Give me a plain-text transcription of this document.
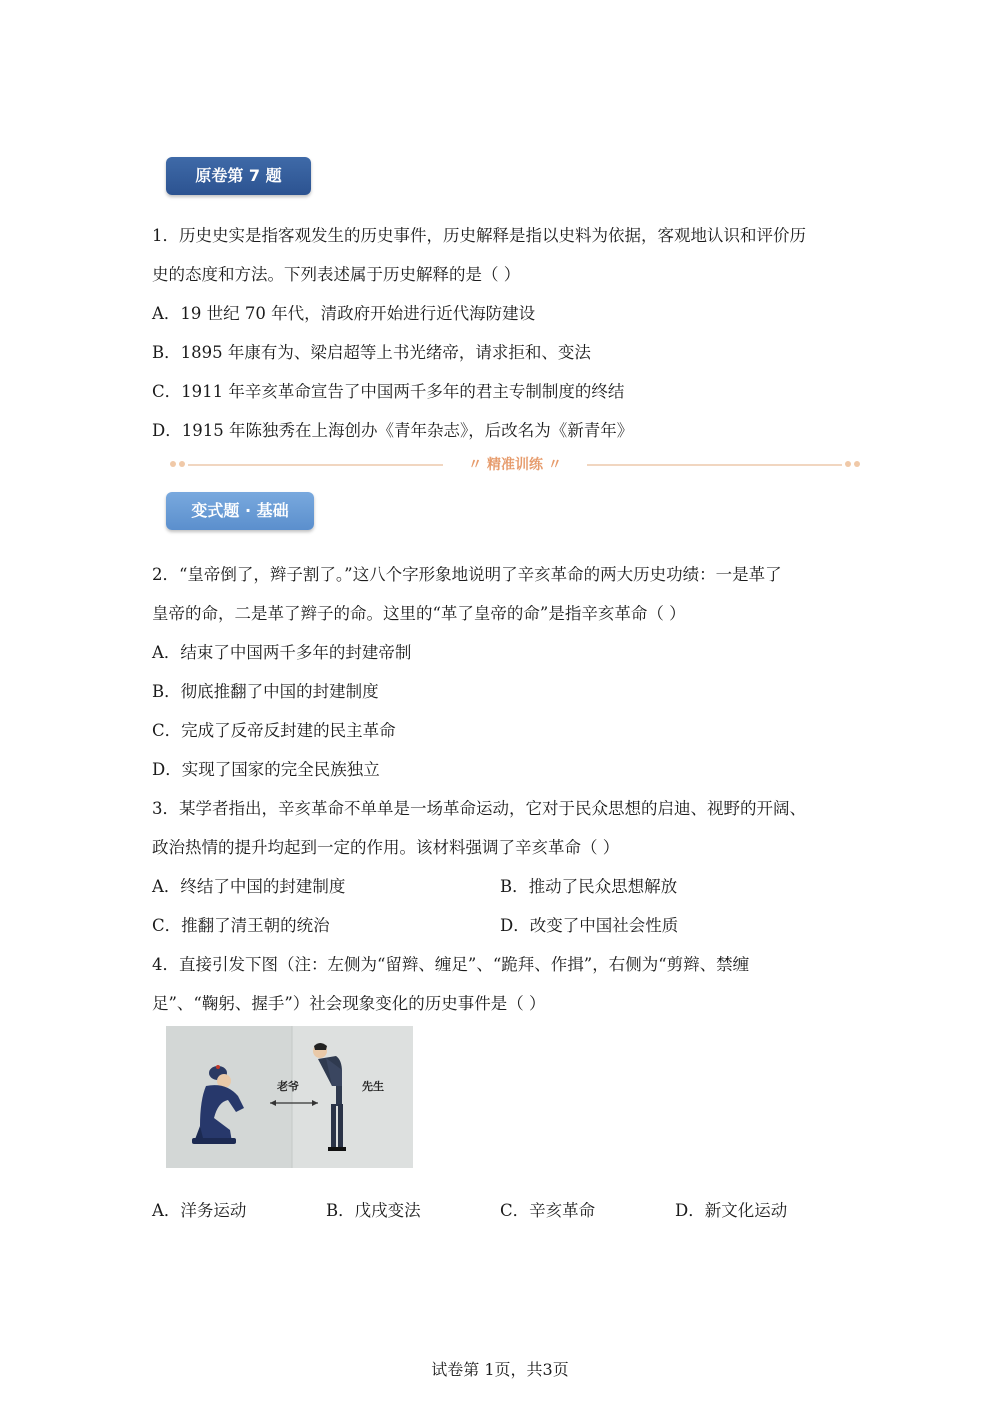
原卷第 7 题
1．历史史实是指客观发生的历史事件，历史解释是指以史料为依据，客观地认识和评价历
史的态度和方法。下列表述属于历史解释的是（ ）
A．19 世纪 70 年代，清政府开始进行近代海防建设
B．1895 年康有为、梁启超等上书光绪帝，请求拒和、变法
C．1911 年辛亥革命宣告了中国两千多年的君主专制制度的终结
D．1915 年陈独秀在上海创办《青年杂志》，后改名为《新青年》
〃 精准训练 〃
变式题 · 基础
2．“皇帝倒了，辫子割了。”这八个字形象地说明了辛亥革命的两大历史功绩：一是革了
皇帝的命，二是革了辫子的命。这里的“革了皇帝的命”是指辛亥革命（ ）
A．结束了中国两千多年的封建帝制
B．彻底推翻了中国的封建制度
C．完成了反帝反封建的民主革命
D．实现了国家的完全民族独立
3．某学者指出，辛亥革命不单单是一场革命运动，它对于民众思想的启迪、视野的开阔、
政治热情的提升均起到一定的作用。该材料强调了辛亥革命（ ）
A．终结了中国的封建制度	B．推动了民众思想解放
C．推翻了清王朝的统治	D．改变了中国社会性质
4．直接引发下图（注：左侧为“留辫、缠足”、“跪拜、作揖”，右侧为“剪辫、禁缠
足”、“鞠躬、握手”）社会现象变化的历史事件是（ ）
老爷	先生
A．洋务运动	B．戊戌变法	C．辛亥革命	D．新文化运动
试卷第 1页，共3页
